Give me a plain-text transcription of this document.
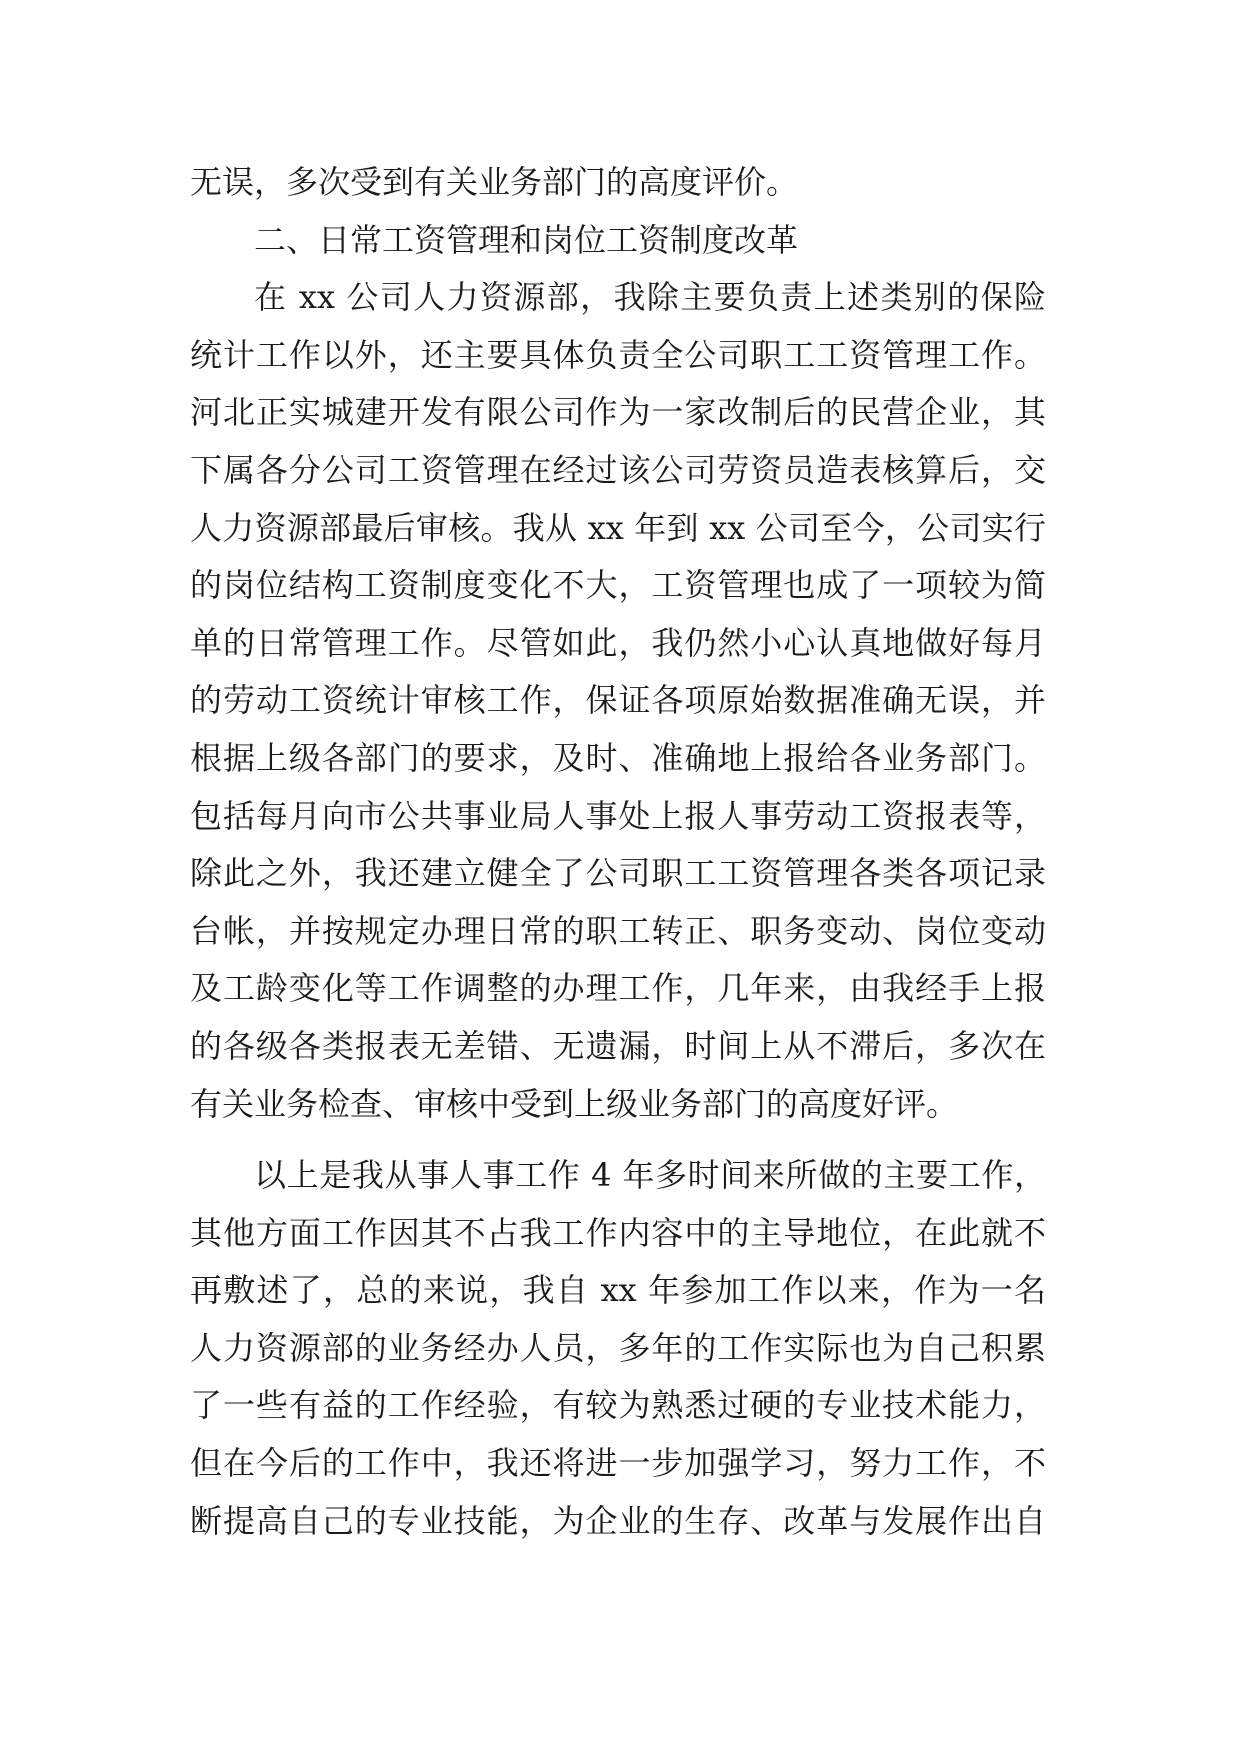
无误，多次受到有关业务部门的高度评价。
二、日常工资管理和岗位工资制度改革
在 xx 公司人力资源部，我除主要负责上述类别的保险
统计工作以外，还主要具体负责全公司职工工资管理工作。
河北正实城建开发有限公司作为一家改制后的民营企业，其
下属各分公司工资管理在经过该公司劳资员造表核算后，交
人力资源部最后审核。我从 xx 年到 xx 公司至今，公司实行
的岗位结构工资制度变化不大，工资管理也成了一项较为简
单的日常管理工作。尽管如此，我仍然小心认真地做好每月
的劳动工资统计审核工作，保证各项原始数据准确无误，并
根据上级各部门的要求，及时、准确地上报给各业务部门。
包括每月向市公共事业局人事处上报人事劳动工资报表等，
除此之外，我还建立健全了公司职工工资管理各类各项记录
台帐，并按规定办理日常的职工转正、职务变动、岗位变动
及工龄变化等工作调整的办理工作，几年来，由我经手上报
的各级各类报表无差错、无遗漏，时间上从不滞后，多次在
有关业务检查、审核中受到上级业务部门的高度好评。
以上是我从事人事工作 4 年多时间来所做的主要工作，
其他方面工作因其不占我工作内容中的主导地位，在此就不
再敷述了，总的来说，我自 xx 年参加工作以来，作为一名
人力资源部的业务经办人员，多年的工作实际也为自己积累
了一些有益的工作经验，有较为熟悉过硬的专业技术能力，
但在今后的工作中，我还将进一步加强学习，努力工作，不
断提高自己的专业技能，为企业的生存、改革与发展作出自
